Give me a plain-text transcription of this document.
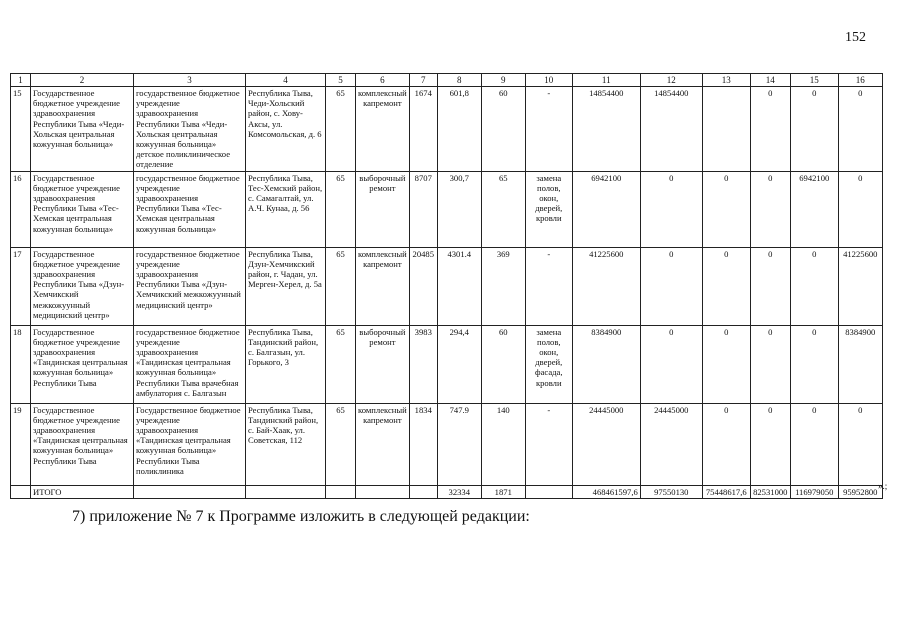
152
1	2	3	4	5	6	7	8	9	10	11	12	13	14	15	16
15	Государственное бюджетное учреждение здравоохранения Республики Тыва «Чеди-Хольская центральная кожуунная больница»	государственное бюджетное учреждение здравоохранения Республики Тыва «Чеди-Хольская центральная кожуунная больница» детское поликлиническое отделение	Республика Тыва, Чеди-Хольский район, с. Хову-Аксы, ул. Комсомольская, д. 6	65	комплексный капремонт	1674	601,8	60	-	14854400	14854400		0	0	0
16	Государственное бюджетное учреждение здравоохранения Республики Тыва «Тес-Хемская центральная кожуунная больница»	государственное бюджетное учреждение здравоохранения Республики Тыва «Тес-Хемская центральная кожуунная больница»	Республика Тыва, Тес-Хемский район, с. Самагалтай, ул. А.Ч. Кунаа, д. 56	65	выборочный ремонт	8707	300,7	65	замена полов, окон, дверей, кровли	6942100	0	0	0	6942100	0
17	Государственное бюджетное учреждение здравоохранения Республики Тыва «Дзун-Хемчикский межкожуунный медицинский центр»	государственное бюджетное учреждение здравоохранения Республики Тыва «Дзун-Хемчикский межкожуунный медицинский центр»	Республика Тыва, Дзун-Хемчикский район, г. Чадан, ул. Мерген-Херел, д. 5а	65	комплексный капремонт	20485	4301.4	369	-	41225600	0	0	0	0	41225600
18	Государственное бюджетное учреждение здравоохранения «Тандинская центральная кожуунная больница» Республики Тыва	государственное бюджетное учреждение здравоохранения «Тандинская центральная кожуунная больница» Республики Тыва врачебная амбулатория с. Балгазын	Республика Тыва, Тандинский район, с. Балгазын, ул. Горького, 3	65	выборочный ремонт	3983	294,4	60	замена полов, окон, дверей, фасада, кровли	8384900	0	0	0	0	8384900
19	Государственное бюджетное учреждение здравоохранения «Тандинская центральная кожуунная больница» Республики Тыва	Государственное бюджетное учреждение здравоохранения «Тандинская центральная кожуунная больница» Республики Тыва поликлиника	Республика Тыва, Тандинский район, с. Бай-Хаак, ул. Советская, 112	65	комплексный капремонт	1834	747.9	140	-	24445000	24445000	0	0	0	0
	ИТОГО						32334	1871		468461597,6	97550130	75448617,6	82531000	116979050	95952800
».;
7) приложение № 7 к Программе изложить в следующей редакции:
